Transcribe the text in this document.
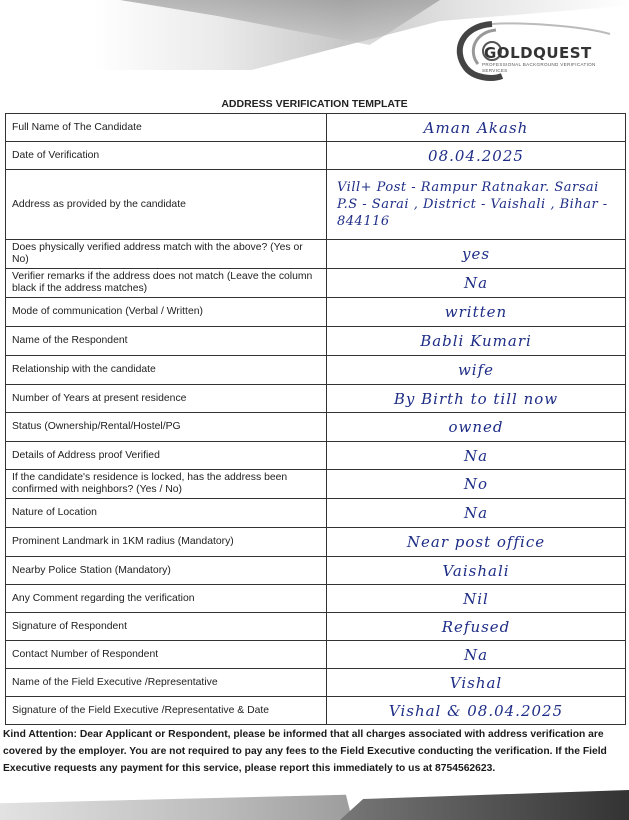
GOLDQUEST
PROFESSIONAL BACKGROUND VERIFICATION SERVICES
ADDRESS VERIFICATION TEMPLATE
Full Name of The Candidate	Aman Akash
Date of Verification	08.04.2025
Address as provided by the candidate	Vill+ Post - Rampur Ratnakar. Sarsai P.S - Sarai , District - Vaishali , Bihar - 844116
Does physically verified address match with the above? (Yes or No)	yes
Verifier remarks if the address does not match (Leave the column black if the address matches)	Na
Mode of communication (Verbal / Written)	written
Name of the Respondent	Babli Kumari
Relationship with the candidate	wife
Number of Years at present residence	By Birth to till now
Status (Ownership/Rental/Hostel/PG	owned
Details of Address proof Verified	Na
If the candidate's residence is locked, has the address been confirmed with neighbors? (Yes / No)	No
Nature of Location	Na
Prominent Landmark in 1KM radius (Mandatory)	Near post office
Nearby Police Station (Mandatory)	Vaishali
Any Comment regarding the verification	Nil
Signature of Respondent	Refused
Contact Number of Respondent	Na
Name of the Field Executive /Representative	Vishal
Signature of the Field Executive /Representative & Date	Vishal & 08.04.2025
Kind Attention: Dear Applicant or Respondent, please be informed that all charges associated with address verification are covered by the employer. You are not required to pay any fees to the Field Executive conducting the verification. If the Field Executive requests any payment for this service, please report this immediately to us at 8754562623.
